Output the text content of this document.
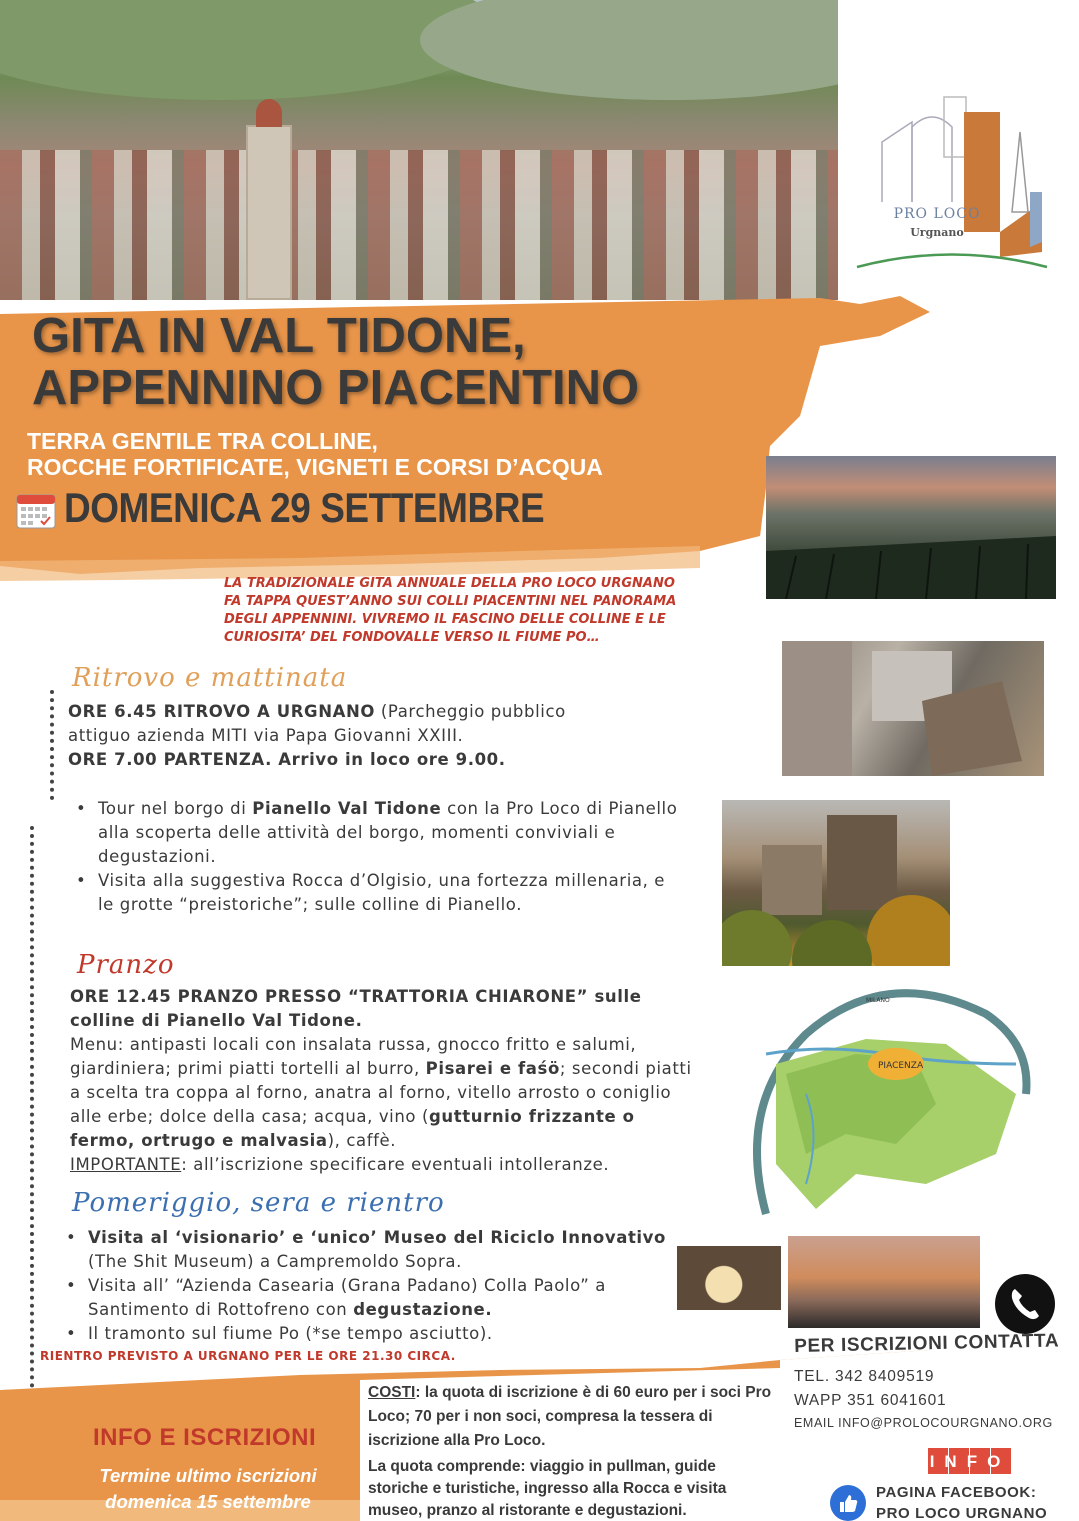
PRO LOCO
Urgnano
GITA IN VAL TIDONE,
APPENNINO PIACENTINO
TERRA GENTILE TRA COLLINE,
ROCCHE FORTIFICATE, VIGNETI E CORSI D’ACQUA
DOMENICA 29 SETTEMBRE
LA TRADIZIONALE GITA ANNUALE DELLA PRO LOCO URGNANO
FA TAPPA QUEST’ANNO SUI COLLI PIACENTINI NEL PANORAMA
DEGLI APPENNINI. VIVREMO IL FASCINO DELLE COLLINE E LE
CURIOSITA’ DEL FONDOVALLE VERSO IL FIUME PO…
PIACENZA
MILANO
Ritrovo e mattinata
ORE 6.45 RITROVO A URGNANO (Parcheggio pubblico
attiguo azienda MITI via Papa Giovanni XXIII.
ORE 7.00 PARTENZA. Arrivo in loco ore 9.00.
• Tour nel borgo di Pianello Val Tidone con la Pro Loco di Pianello alla scoperta delle attività del borgo, momenti conviviali e degustazioni.
• Visita alla suggestiva Rocca d’Olgisio, una fortezza millenaria, e le grotte “preistoriche”; sulle colline di Pianello.
Pranzo
ORE 12.45 PRANZO PRESSO “TRATTORIA CHIARONE” sulle colline di Pianello Val Tidone.
Menu: antipasti locali con insalata russa, gnocco fritto e salumi, giardiniera; primi piatti tortelli al burro, Pisarei e faśö; secondi piatti a scelta tra coppa al forno, anatra al forno, vitello arrosto o coniglio alle erbe; dolce della casa; acqua, vino (gutturnio frizzante o fermo, ortrugo e malvasia), caffè.
IMPORTANTE: all’iscrizione specificare eventuali intolleranze.
Pomeriggio, sera e rientro
• Visita al ‘visionario’ e ‘unico’ Museo del Riciclo Innovativo (The Shit Museum) a Campremoldo Sopra.
• Visita all’ “Azienda Casearia (Grana Padano) Colla Paolo” a Santimento di Rottofreno con degustazione.
• Il tramonto sul fiume Po (*se tempo asciutto).
RIENTRO PREVISTO A URGNANO PER LE ORE 21.30 CIRCA.
INFO E ISCRIZIONI
Termine ultimo iscrizioni
domenica 15 settembre
COSTI: la quota di iscrizione è di 60 euro per i soci Pro Loco; 70 per i non soci, compresa la tessera di iscrizione alla Pro Loco.
La quota comprende: viaggio in pullman, guide storiche e turistiche, ingresso alla Rocca e visita museo, pranzo al ristorante e degustazioni.
PER ISCRIZIONI CONTATTA
TEL. 342 8409519
WAPP 351 6041601
EMAIL INFO@PROLOCOURGNANO.ORG
INFO
PAGINA FACEBOOK:
PRO LOCO URGNANO
